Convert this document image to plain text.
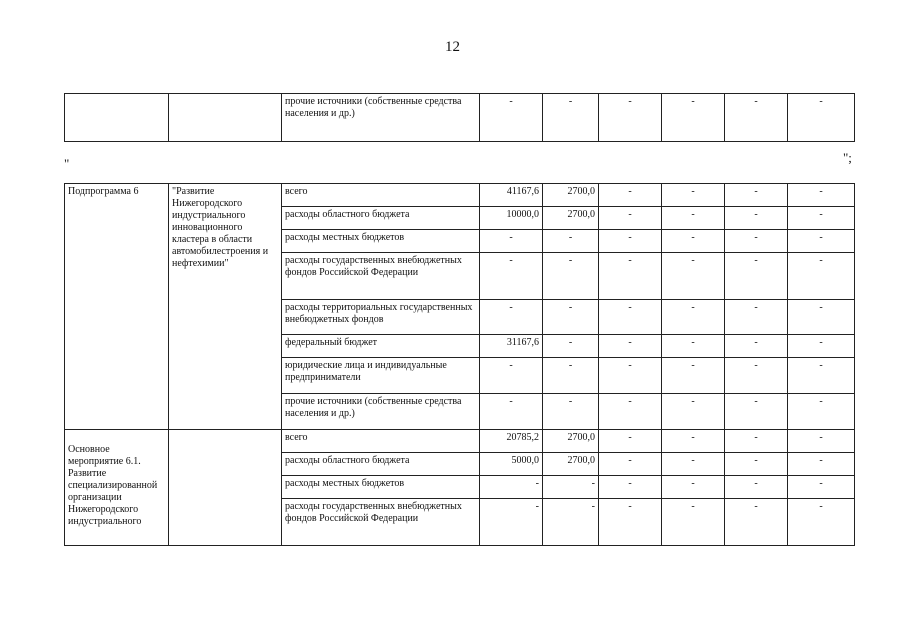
12
		прочие источники (собственные средства населения и др.)	-	-	-	-	-	-
"	";
Подпрограмма 6	"Развитие Нижегородского индустриального инновационного кластера в области автомобилестроения и нефтехимии"	всего	41167,6	2700,0	-	-	-	-
		расходы областного бюджета	10000,0	2700,0	-	-	-	-
		расходы местных бюджетов	-	-	-	-	-	-
		расходы государственных внебюджетных фондов Российской Федерации	-	-	-	-	-	-
		расходы территориальных государственных внебюджетных фондов	-	-	-	-	-	-
		федеральный бюджет	31167,6	-	-	-	-	-
		юридические лица и индивидуальные предприниматели	-	-	-	-	-	-
		прочие источники (собственные средства населения и др.)	-	-	-	-	-	-
Основное мероприятие 6.1. Развитие специализированной организации Нижегородского индустриального		всего	20785,2	2700,0	-	-	-	-
		расходы областного бюджета	5000,0	2700,0	-	-	-	-
		расходы местных бюджетов	-	-	-	-	-	-
		расходы государственных внебюджетных фондов Российской Федерации	-	-	-	-	-	-
